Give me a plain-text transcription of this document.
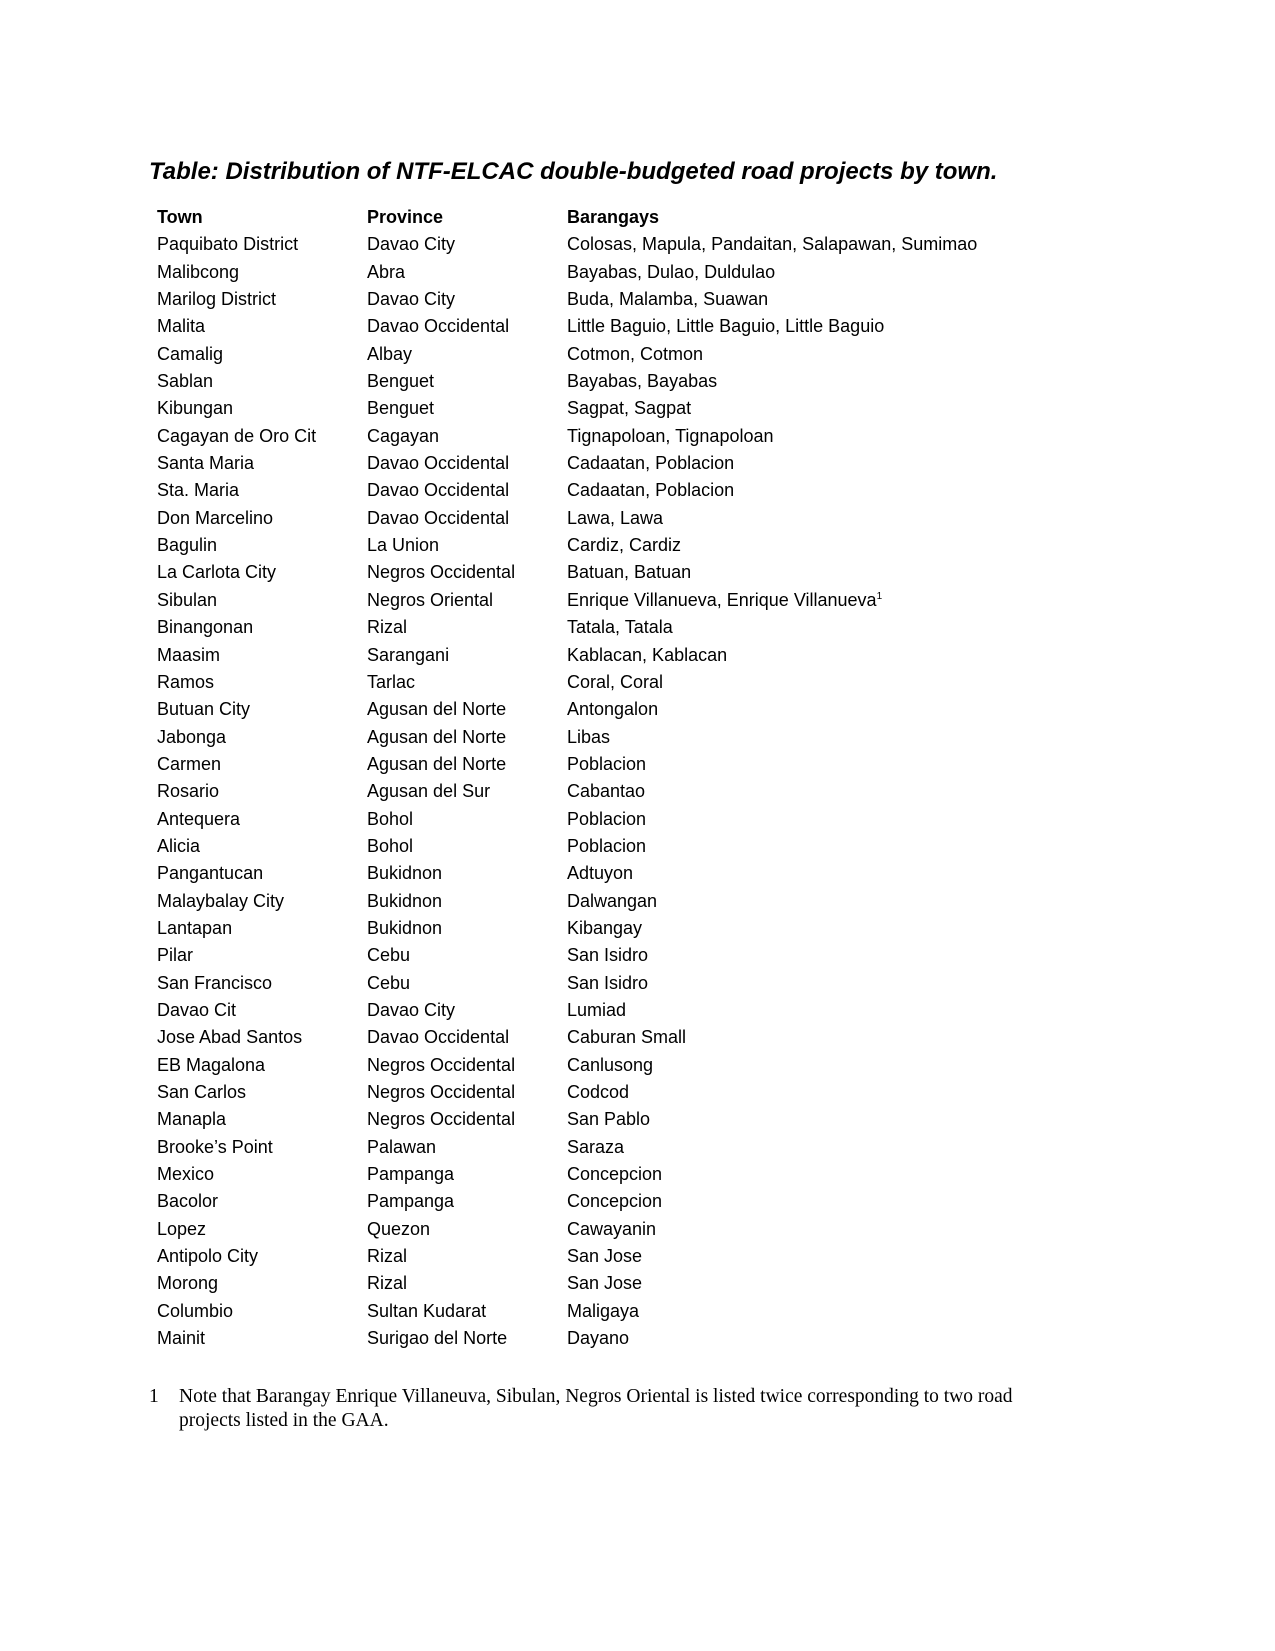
Table: Distribution of NTF-ELCAC double-budgeted road projects by town.
Town	Province	Barangays
Paquibato District	Davao City	Colosas, Mapula, Pandaitan, Salapawan, Sumimao
Malibcong	Abra	Bayabas, Dulao, Duldulao
Marilog District	Davao City	Buda, Malamba, Suawan
Malita	Davao Occidental	Little Baguio, Little Baguio, Little Baguio
Camalig	Albay	Cotmon, Cotmon
Sablan	Benguet	Bayabas, Bayabas
Kibungan	Benguet	Sagpat, Sagpat
Cagayan de Oro Cit	Cagayan	Tignapoloan, Tignapoloan
Santa Maria	Davao Occidental	Cadaatan, Poblacion
Sta. Maria	Davao Occidental	Cadaatan, Poblacion
Don Marcelino	Davao Occidental	Lawa, Lawa
Bagulin	La Union	Cardiz, Cardiz
La Carlota City	Negros Occidental	Batuan, Batuan
Sibulan	Negros Oriental	Enrique Villanueva, Enrique Villanueva$^1$
Binangonan	Rizal	Tatala, Tatala
Maasim	Sarangani	Kablacan, Kablacan
Ramos	Tarlac	Coral, Coral
Butuan City	Agusan del Norte	Antongalon
Jabonga	Agusan del Norte	Libas
Carmen	Agusan del Norte	Poblacion
Rosario	Agusan del Sur	Cabantao
Antequera	Bohol	Poblacion
Alicia	Bohol	Poblacion
Pangantucan	Bukidnon	Adtuyon
Malaybalay City	Bukidnon	Dalwangan
Lantapan	Bukidnon	Kibangay
Pilar	Cebu	San Isidro
San Francisco	Cebu	San Isidro
Davao Cit	Davao City	Lumiad
Jose Abad Santos	Davao Occidental	Caburan Small
EB Magalona	Negros Occidental	Canlusong
San Carlos	Negros Occidental	Codcod
Manapla	Negros Occidental	San Pablo
Brooke’s Point	Palawan	Saraza
Mexico	Pampanga	Concepcion
Bacolor	Pampanga	Concepcion
Lopez	Quezon	Cawayanin
Antipolo City	Rizal	San Jose
Morong	Rizal	San Jose
Columbio	Sultan Kudarat	Maligaya
Mainit	Surigao del Norte	Dayano
1	Note that Barangay Enrique Villaneuva, Sibulan, Negros Oriental is listed twice corresponding to two road projects listed in the GAA.
